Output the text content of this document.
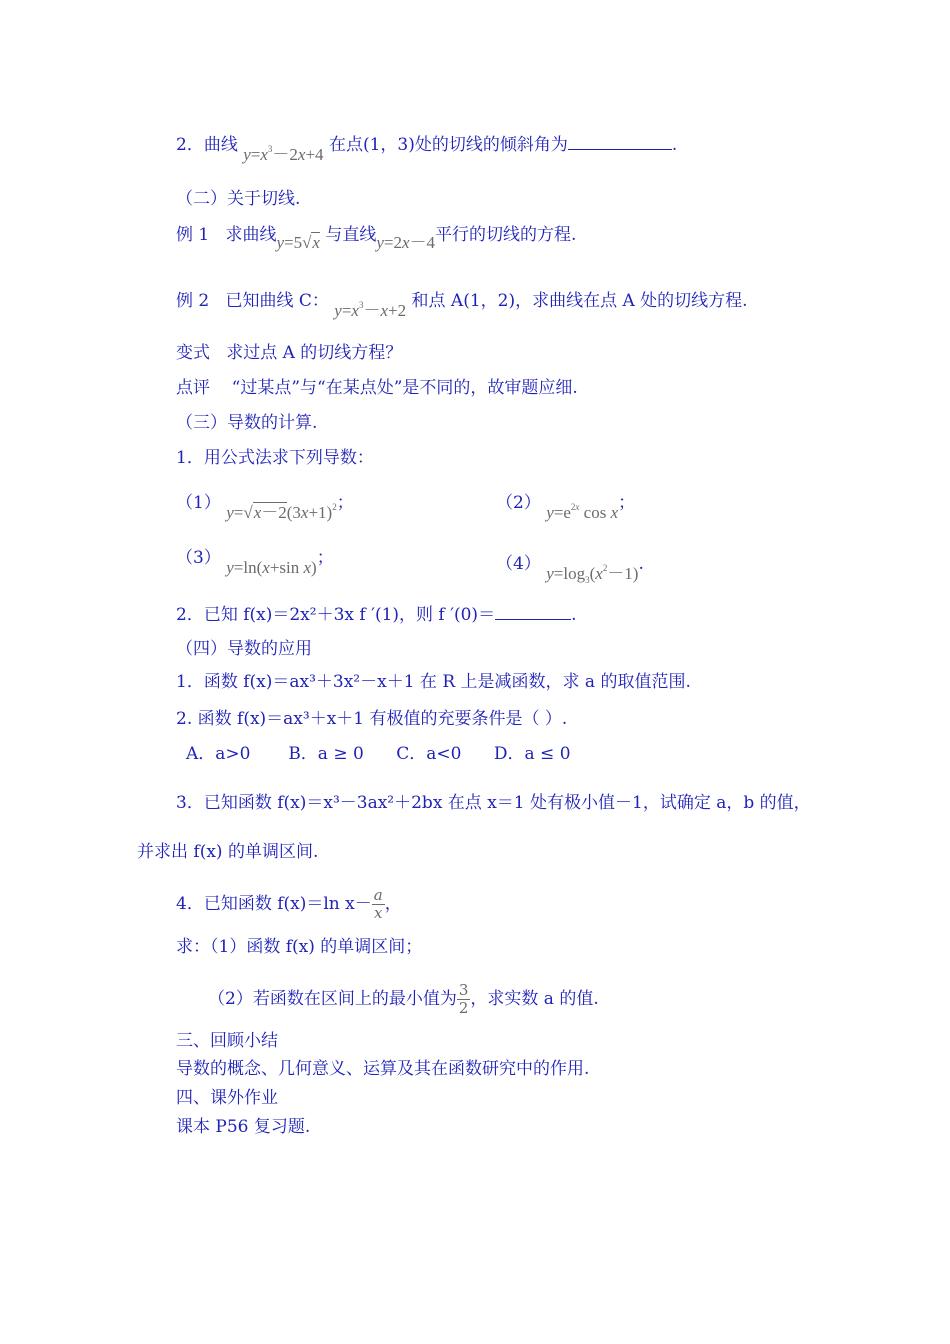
2．曲线 $y=x^3-2x+4$ 在点(1，3)处的切线的倾斜角为	.
（二）关于切线.
例 1 求曲线y=5√x 与直线y=2x－4平行的切线的方程.
例 2 已知曲线 C： $y=x^3-x+2$ 和点 A(1，2)，求曲线在点 A 处的切线方程.
变式 求过点 A 的切线方程？
点评 “过某点”与“在某点处”是不同的，故审题应细.
（三）导数的计算.
1．用公式法求下列导数：
（1） $y=√x-2(3x+1)^2$；	（2） $y=e^{2x}$ cos x；
（3） y=ln(x+sin x)；	（4） $y=\log_3(x^2-1)$.
2．已知 f(x)＝2x²＋3x f ′(1)，则 f ′(0)＝	.
（四）导数的应用
1．函数 f(x)＝ax³＋3x²－x＋1 在 R 上是减函数，求 a 的取值范围.
2. 函数 f(x)＝ax³＋x＋1 有极值的充要条件是（ ）.
A．a>0 B．a ≥ 0 C．a<0 D．a ≤ 0
3．已知函数 f(x)＝x³－3ax²＋2bx 在点 x＝1 处有极小值－1，试确定 a，b 的值，
并求出 f(x) 的单调区间.
4．已知函数 f(x)＝ln $x- \frac{a}{x}$ ，
求：（1）函数 f(x) 的单调区间；
（2）若函数在区间上的最小值为 $\frac{3}{2}$ ，求实数 a 的值.
三、回顾小结
导数的概念、几何意义、运算及其在函数研究中的作用.
四、课外作业
课本 P56 复习题.
